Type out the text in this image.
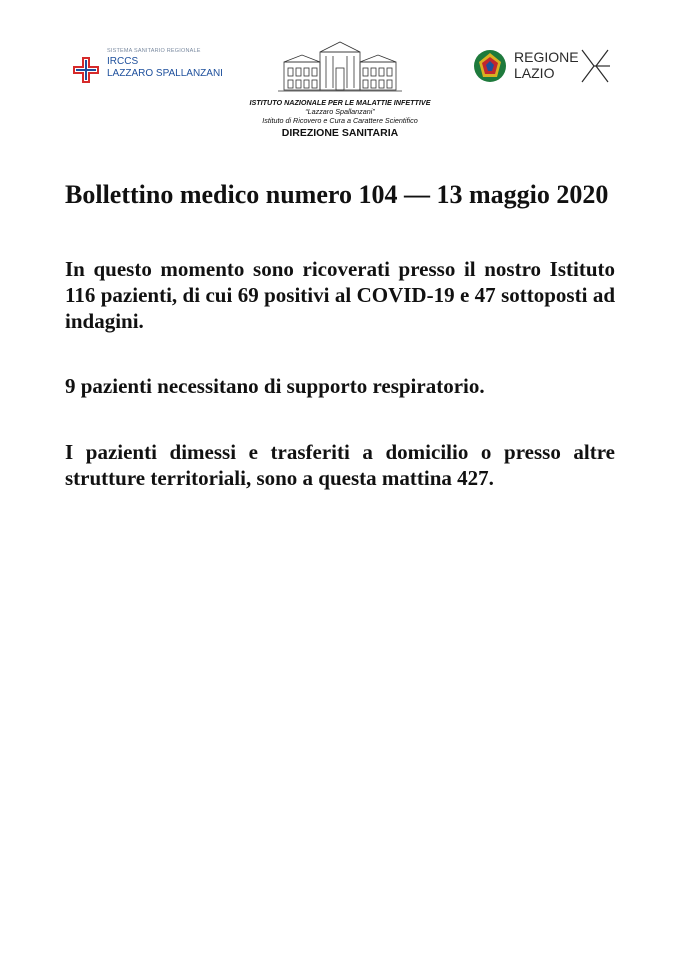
SISTEMA SANITARIO REGIONALE
IRCCS
LAZZARO SPALLANZANI
ISTITUTO NAZIONALE PER LE MALATTIE INFETTIVE
“Lazzaro Spallanzani”
Istituto di Ricovero e Cura a Carattere Scientifico
DIREZIONE SANITARIA
REGIONE
LAZIO
Bollettino medico numero 104 — 13 maggio 2020
In questo momento sono ricoverati presso il nostro Istituto 116 pazienti, di cui 69 positivi al COVID-19 e 47 sottoposti ad indagini.
9 pazienti necessitano di supporto respiratorio.
I pazienti dimessi e trasferiti a domicilio o presso altre strutture territoriali, sono a questa mattina 427.
